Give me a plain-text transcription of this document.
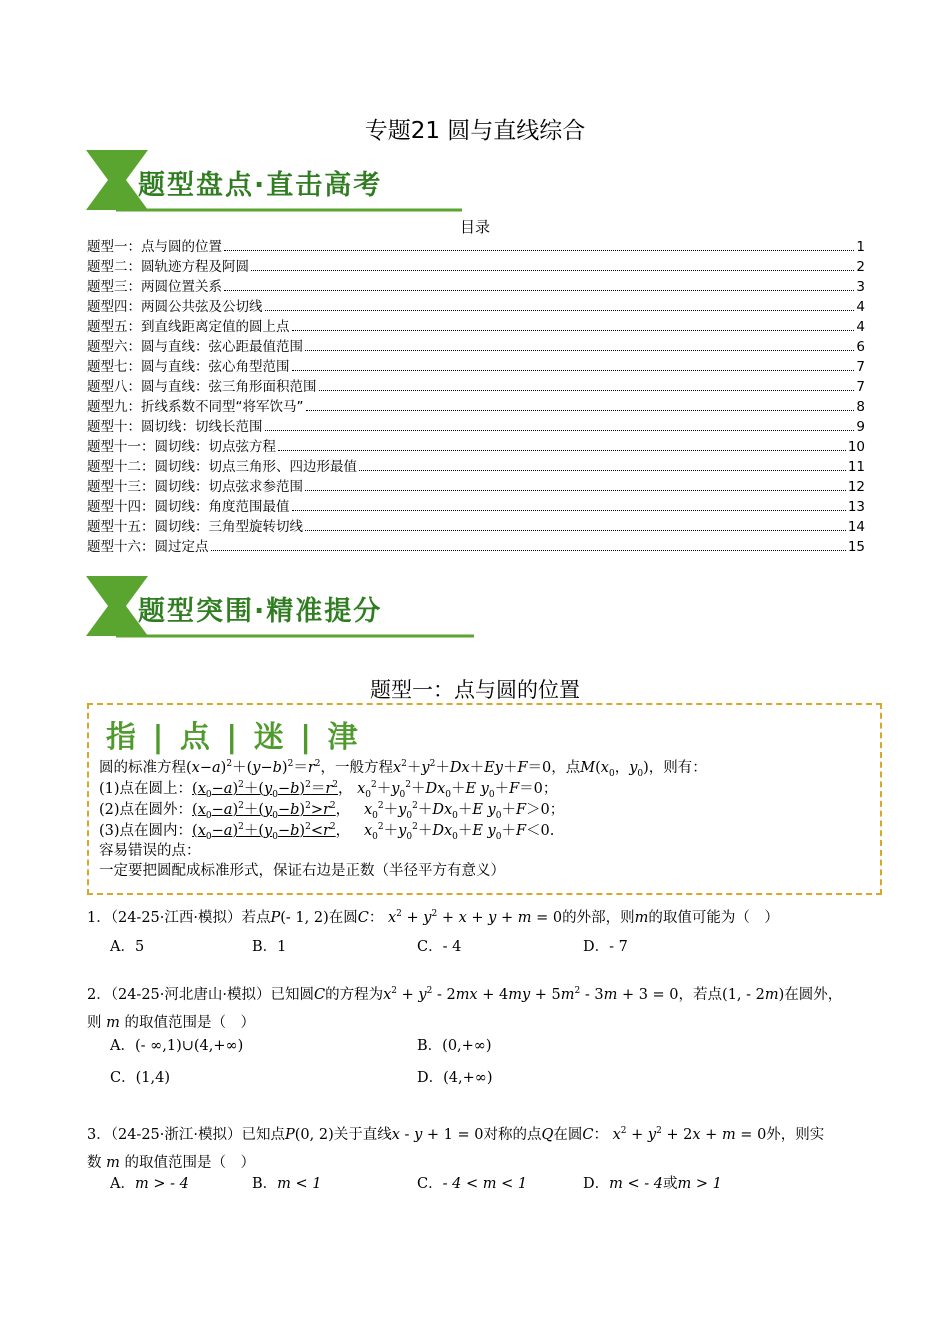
专题21 圆与直线综合
题型盘点·直击高考
目录
题型一：点与圆的位置	1
题型二：圆轨迹方程及阿圆	2
题型三：两圆位置关系	3
题型四：两圆公共弦及公切线	4
题型五：到直线距离定值的圆上点	4
题型六：圆与直线：弦心距最值范围	6
题型七：圆与直线：弦心角型范围	7
题型八：圆与直线：弦三角形面积范围	7
题型九：折线系数不同型“将军饮马”	8
题型十：圆切线：切线长范围	9
题型十一：圆切线：切点弦方程	10
题型十二：圆切线：切点三角形、四边形最值	11
题型十三：圆切线：切点弦求参范围	12
题型十四：圆切线：角度范围最值	13
题型十五：圆切线：三角型旋转切线	14
题型十六：圆过定点	15
题型突围·精准提分
题型一：点与圆的位置
指 | 点 | 迷 | 津
圆的标准方程$(x-a)^2+(y-b)^2=r^2$，一般方程$x^2+y^2+Dx+Ey+F=0$，点$M(x_0$，$y_0$)，则有：
(1)点在圆上：$(x_0-a)^2+(y_0-b)^2=r^2$， $x_0^2+y_0^2+Dx_0+E$ $y_0+F=0$；
(2)点在圆外：$(x_0-a)^2+(y_0-b)^2>r^2$，   $x_0^2+y_0^2+Dx_0+E$ $y_0+F>0$；
(3)点在圆内：$(x_0-a)^2+(y_0-b)^2<r^2$，   $x_0^2+y_0^2+Dx_0+E$ $y_0+F<0$.
容易错误的点：
一定要把圆配成标准形式，保证右边是正数（半径平方有意义）
1．（24-25·江西·模拟）若点P(- 1, 2)在圆C： $x^2 + y^2 + x + y + m = 0$的外部，则m的取值可能为（　）
A．5	B．1	C．- 4	D．- 7
2．（24-25·河北唐山·模拟）已知圆C的方程为$x^2 + y^2 - 2mx + 4my + 5m^2 - 3m + 3 = 0$，若点(1, - 2m)在圆外，
则 m 的取值范围是（　）
A．(- ∞,1)∪(4,+∞)	B．(0,+∞)
C．(1,4)	D．(4,+∞)
3．（24-25·浙江·模拟）已知点P(0, 2)关于直线x - y + 1 = 0对称的点Q在圆C： $x^2 + y^2 + 2x + m = 0$外，则实
数 m 的取值范围是（　）
A．m > - 4	B．m < 1	C．- 4 < m < 1	D．m < - 4或m > 1
